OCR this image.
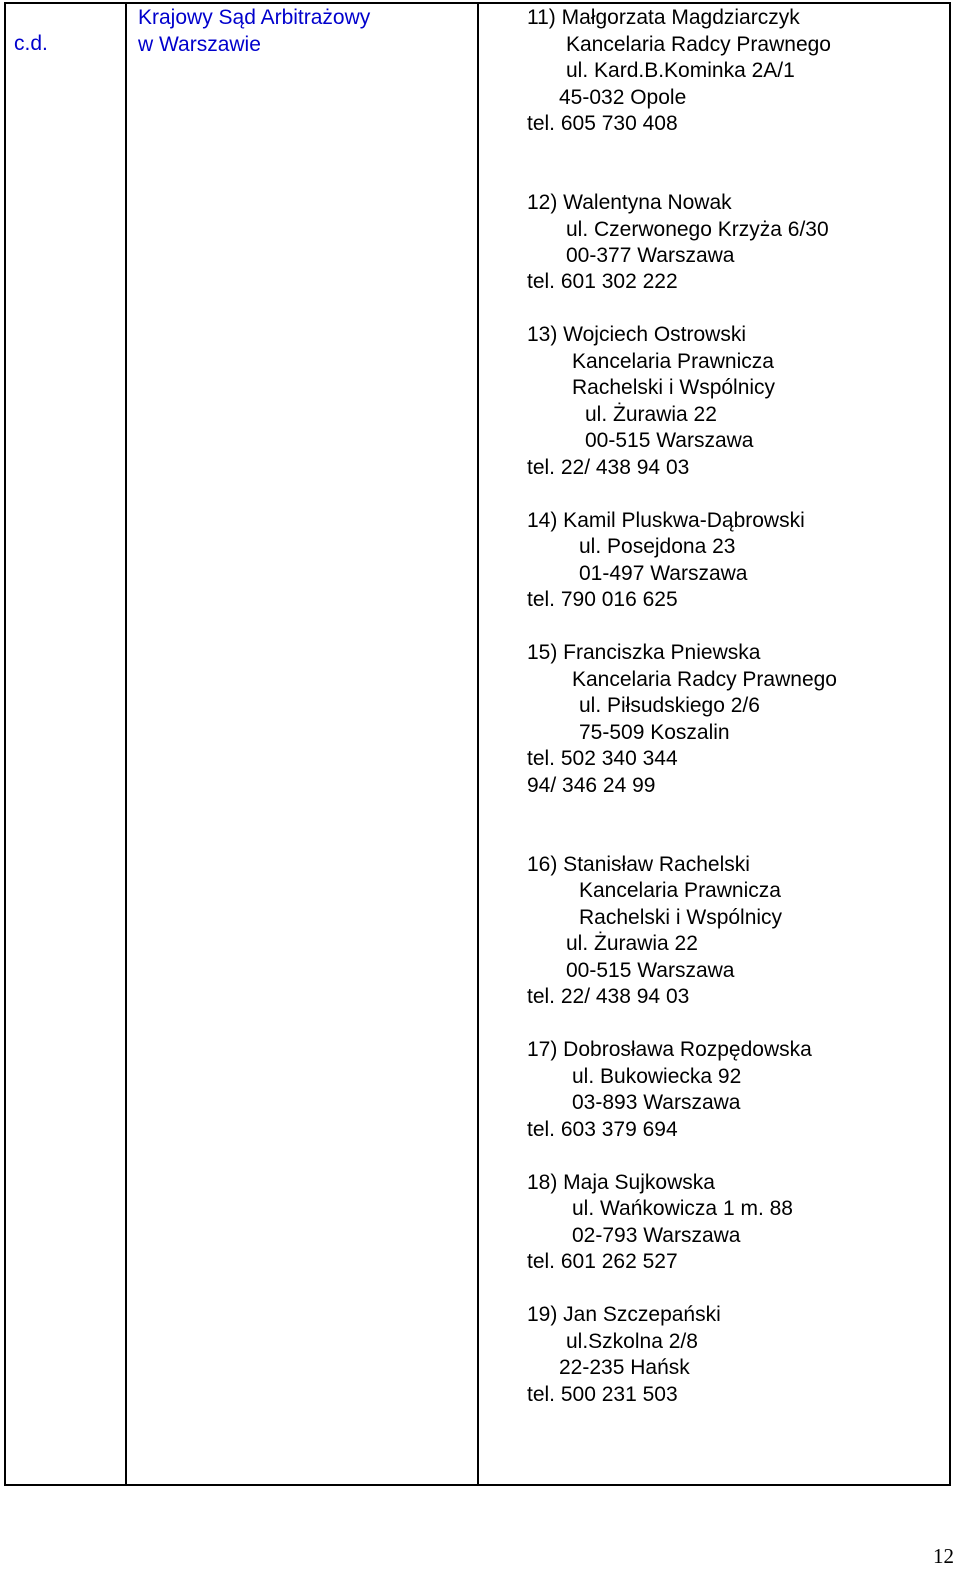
c.d.
Krajowy Sąd Arbitrażowy
w Warszawie
11) Małgorzata Magdziarczyk
Kancelaria Radcy Prawnego
ul. Kard.B.Kominka 2A/1
45-032 Opole
tel. 605 730 408
12) Walentyna Nowak
ul. Czerwonego Krzyża 6/30
00-377 Warszawa
tel. 601 302 222
13) Wojciech Ostrowski
Kancelaria Prawnicza
Rachelski i Wspólnicy
ul. Żurawia 22
00-515 Warszawa
tel. 22/ 438 94 03
14) Kamil Pluskwa-Dąbrowski
ul. Posejdona 23
01-497 Warszawa
tel. 790 016 625
15) Franciszka Pniewska
Kancelaria Radcy Prawnego
ul. Piłsudskiego 2/6
75-509 Koszalin
tel. 502 340 344
94/ 346 24 99
16) Stanisław Rachelski
Kancelaria Prawnicza
Rachelski i Wspólnicy
ul. Żurawia 22
00-515 Warszawa
tel. 22/ 438 94 03
17) Dobrosława Rozpędowska
ul. Bukowiecka 92
03-893 Warszawa
tel. 603 379 694
18) Maja Sujkowska
ul. Wańkowicza 1 m. 88
02-793 Warszawa
tel. 601 262 527
19) Jan Szczepański
ul.Szkolna 2/8
22-235 Hańsk
tel. 500 231 503
12
